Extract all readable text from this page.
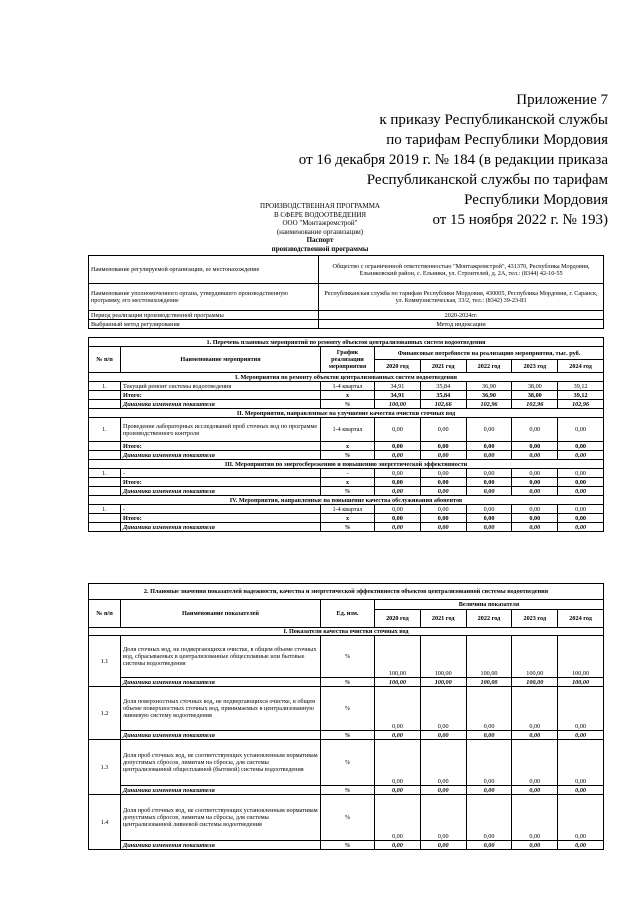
Приложение 7
к приказу Республиканской службы
по тарифам Республики Мордовия
от 16 декабря 2019 г. № 184 (в редакции приказа
Республиканской службы по тарифам
Республики Мордовия
от 15 ноября 2022 г. № 193)
ПРОИЗВОДСТВЕННАЯ ПРОГРАММА
В СФЕРЕ ВОДООТВЕДЕНИЯ
ООО "Монтажремстрой"
(наименование организации)
Паспорт
производственной программы
Наименование регулируемой организации, ее местонахождение	Общество с ограниченной ответственностью "Монтажремстрой", 431370, Республика Мордовия, Ельниковский район, с. Ельники, ул. Строителей, д. 2А, тел.: (8344) 42-10-55
Наименование уполномоченного органа, утвердившего производственную программу, его местонахождение	Республиканская служба по тарифам Республики Мордовия, 430005, Республика Мордовия, г. Саранск, ул. Коммунистическая, 33/2, тел.: (8342) 39-23-83
Период реализации производственной программы	2020-2024гг.
Выбранный метод регулирования	Метод индексации
1. Перечень плановых мероприятий по ремонту объектов централизованных систем водоотведения							
№ п/п	Наименование мероприятия	График реализации мероприятия	Финансовые потребности на реализацию мероприятия, тыс. руб.				
			2020 год	2021 год	2022 год	2023 год	2024 год
I. Мероприятия по ремонту объектов централизованных систем водоотведения							
1.	Текущий ремонт системы водоотведения	1-4 квартал	34,91	35,84	36,90	38,00	39,12
	Итого:	х	34,91	35,84	36,90	38,00	39,12
	Динамика изменения показателя	%	100,00	102,66	102,96	102,96	102,96
II. Мероприятия, направленные на улучшение качества очистки сточных вод							
1.	Проведение лабораторных исследований проб сточных вод по программе производственного контроля	1-4 квартал	0,00	0,00	0,00	0,00	0,00
	Итого:	х	0,00	0,00	0,00	0,00	0,00
	Динамика изменения показателя	%	0,00	0,00	0,00	0,00	0,00
III. Мероприятия по энергосбережению и повышению энергетической эффективности							
1.	-	-	0,00	0,00	0,00	0,00	0,00
	Итого:	х	0,00	0,00	0,00	0,00	0,00
	Динамика изменения показателя	%	0,00	0,00	0,00	0,00	0,00
IV. Мероприятия, направленные на повышение качества обслуживания абонентов							
1.	-	1-4 квартал	0,00	0,00	0,00	0,00	0,00
	Итого:	х	0,00	0,00	0,00	0,00	0,00
	Динамика изменения показателя	%	0,00	0,00	0,00	0,00	0,00
2. Плановые значения показателей надежности, качества и энергетической эффективности объектов централизованной системы водоотведения							
№ п/п	Наименование показателей	Ед. изм.	Величина показателя				
			2020 год	2021 год	2022 год	2023 год	2024 год
I. Показатели качества очистки сточных вод							
1.1	Доля сточных вод, не подвергающихся очистке, в общем объеме сточных вод, сбрасываемых в централизованные общесплавные или бытовые системы водоотведения	%	100,00	100,00	100,00	100,00	100,00
	Динамика изменения показателя	%	100,00	100,00	100,00	100,00	100,00
1.2	Доля поверхностных сточных вод, не подвергающихся очистке, в общем объеме поверхностных сточных вод, принимаемых в централизованную ливневую систему водоотведения	%	0,00	0,00	0,00	0,00	0,00
	Динамика изменения показателя	%	0,00	0,00	0,00	0,00	0,00
1.3	Доля проб сточных вод, не соответствующих установленным нормативам допустимых сбросов, лимитам на сбросы, для системы централизованной общесплавной (бытовой) системы водоотведения	%	0,00	0,00	0,00	0,00	0,00
	Динамика изменения показателя	%	0,00	0,00	0,00	0,00	0,00
1.4	Доля проб сточных вод, не соответствующих установленным нормативам допустимых сбросов, лимитам на сбросы, для системы централизованной ливневой системы водоотведения	%	0,00	0,00	0,00	0,00	0,00
	Динамика изменения показателя	%	0,00	0,00	0,00	0,00	0,00
